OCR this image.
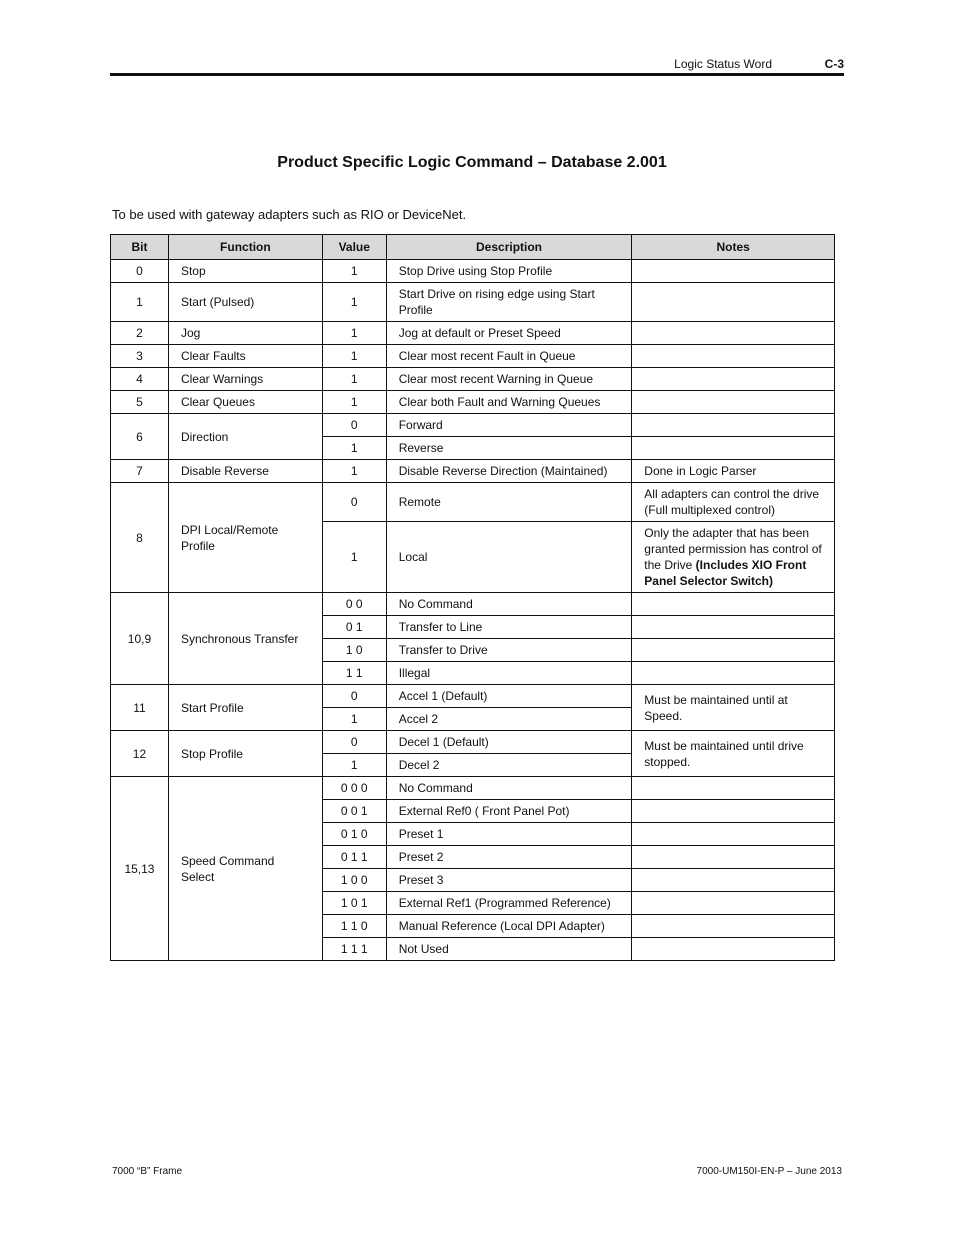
Logic Status Word	C-3
Product Specific Logic Command – Database 2.001
To be used with gateway adapters such as RIO or DeviceNet.
Bit	Function	Value	Description	Notes
0	Stop	1	Stop Drive using Stop Profile	
1	Start (Pulsed)	1	Start Drive on rising edge using Start Profile	
2	Jog	1	Jog at default or Preset Speed	
3	Clear Faults	1	Clear most recent Fault in Queue	
4	Clear Warnings	1	Clear most recent Warning in Queue	
5	Clear Queues	1	Clear both Fault and Warning Queues	
6	Direction	0	Forward	
		1	Reverse	
7	Disable Reverse	1	Disable Reverse Direction (Maintained)	Done in Logic Parser
8	DPI Local/Remote Profile	0	Remote	All adapters can control the drive (Full multiplexed control)
		1	Local	Only the adapter that has been granted permission has control of the Drive (Includes XIO Front Panel Selector Switch)
10,9	Synchronous Transfer	0 0	No Command	
		0 1	Transfer to Line	
		1 0	Transfer to Drive	
		1 1	Illegal	
11	Start Profile	0	Accel 1 (Default)	Must be maintained until at Speed.
		1	Accel 2	
12	Stop Profile	0	Decel 1 (Default)	Must be maintained until drive stopped.
		1	Decel 2	
15,13	Speed Command Select	0 0 0	No Command	
		0 0 1	External Ref0 ( Front Panel Pot)	
		0 1 0	Preset 1	
		0 1 1	Preset 2	
		1 0 0	Preset 3	
		1 0 1	External Ref1 (Programmed Reference)	
		1 1 0	Manual Reference (Local DPI Adapter)	
		1 1 1	Not Used	
7000 “B” Frame	7000-UM150I-EN-P – June 2013
